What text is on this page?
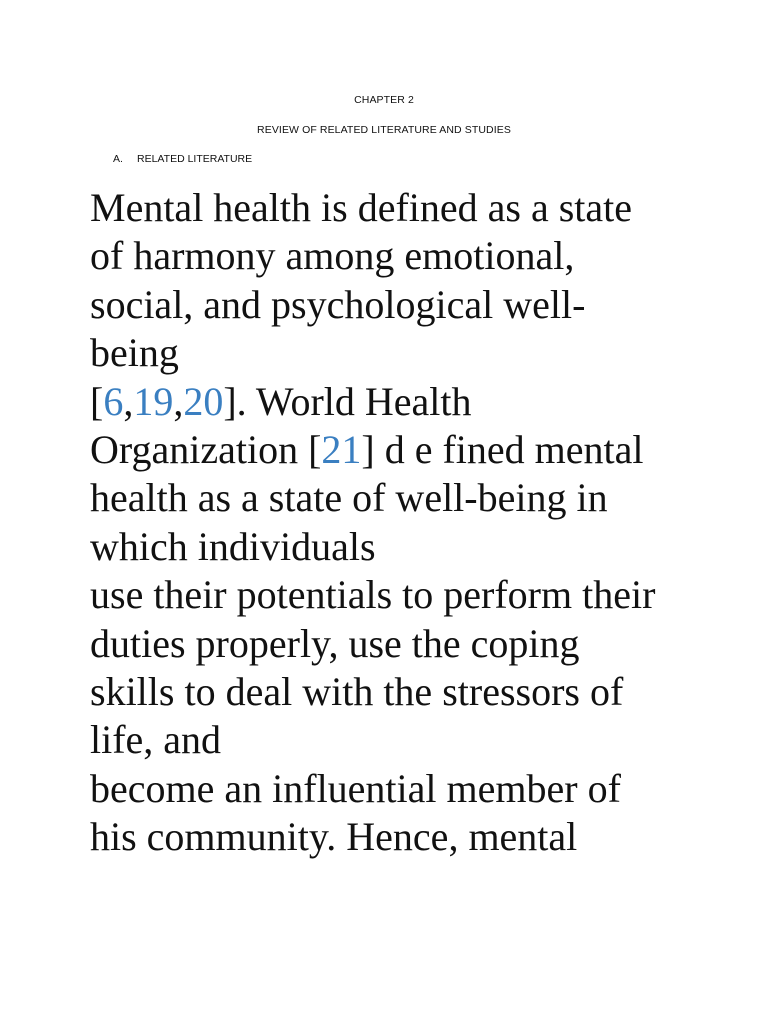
CHAPTER 2
REVIEW OF RELATED LITERATURE AND STUDIES
A. RELATED LITERATURE
Mental health is defined as a state
of harmony among emotional,
social, and psychological well-
being
[6,19,20]. World Health
Organization [21] d e fined mental
health as a state of well-being in
which individuals
use their potentials to perform their
duties properly, use the coping
skills to deal with the stressors of
life, and
become an influential member of
his community. Hence, mental
